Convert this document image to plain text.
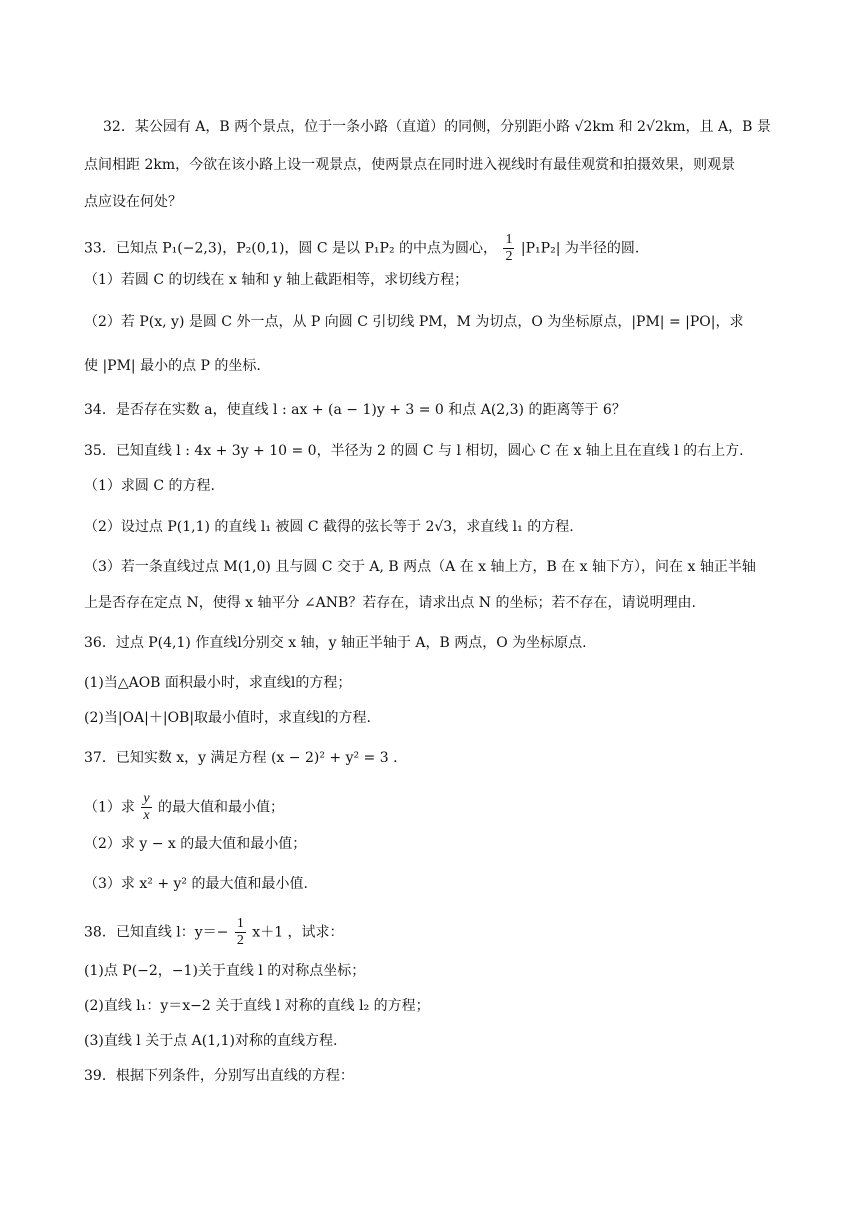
32．某公园有 A，B 两个景点，位于一条小路（直道）的同侧，分别距小路 √2km 和 2√2km，且 A，B 景
点间相距 2km，今欲在该小路上设一观景点，使两景点在同时进入视线时有最佳观赏和拍摄效果，则观景
点应设在何处？
33．已知点 P₁(−2,3)，P₂(0,1)，圆 C 是以 P₁P₂ 的中点为圆心， $\frac{1}{2} |P_1P_2|$ 为半径的圆.
（1）若圆 C 的切线在 x 轴和 y 轴上截距相等，求切线方程；
（2）若 P(x, y) 是圆 C 外一点，从 P 向圆 C 引切线 PM，M 为切点，O 为坐标原点，|PM| = |PO|，求
使 |PM| 最小的点 P 的坐标.
34．是否存在实数 a，使直线 l : ax + (a − 1)y + 3 = 0 和点 A(2,3) 的距离等于 6？
35．已知直线 l : 4x + 3y + 10 = 0，半径为 2 的圆 C 与 l 相切，圆心 C 在 x 轴上且在直线 l 的右上方.
（1）求圆 C 的方程.
（2）设过点 P(1,1) 的直线 l₁ 被圆 C 截得的弦长等于 2√3，求直线 l₁ 的方程.
（3）若一条直线过点 M(1,0) 且与圆 C 交于 A, B 两点（A 在 x 轴上方，B 在 x 轴下方），问在 x 轴正半轴
上是否存在定点 N，使得 x 轴平分 ∠ANB？若存在，请求出点 N 的坐标；若不存在，请说明理由.
36．过点 P(4,1) 作直线l分别交 x 轴，y 轴正半轴于 A，B 两点，O 为坐标原点.
(1)当△AOB 面积最小时，求直线l的方程；
(2)当|OA|＋|OB|取最小值时，求直线l的方程.
37．已知实数 x，y 满足方程 (x − 2)² + y² = 3 .
（1）求 $\frac{y}{x}$ 的最大值和最小值；
（2）求 y − x 的最大值和最小值；
（3）求 x² + y² 的最大值和最小值.
38．已知直线 l：$y=- \frac{1}{2} x+1$ ，试求：
(1)点 P(−2，−1)关于直线 l 的对称点坐标；
(2)直线 l₁：y＝x−2 关于直线 l 对称的直线 l₂ 的方程；
(3)直线 l 关于点 A(1,1)对称的直线方程.
39．根据下列条件，分别写出直线的方程：
